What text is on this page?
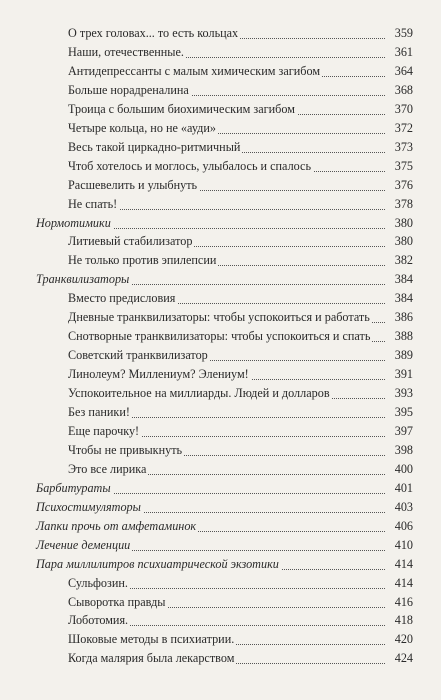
О трех головах... то есть кольцах	359
Наши, отечественные.	361
Антидепрессанты с малым химическим загибом	364
Больше норадреналина	368
Троица с большим биохимическим загибом	370
Четыре кольца, но не «ауди»	372
Весь такой циркадно-ритмичный	373
Чтоб хотелось и моглось, улыбалось и спалось	375
Расшевелить и улыбнуть	376
Не спать!	378
Нормотимики	380
Литиевый стабилизатор	380
Не только против эпилепсии	382
Транквилизаторы	384
Вместо предисловия	384
Дневные транквилизаторы: чтобы успокоиться и работать	386
Снотворные транквилизаторы: чтобы успокоиться и спать	388
Советский транквилизатор	389
Линолеум? Миллениум? Элениум!	391
Успокоительное на миллиарды. Людей и долларов	393
Без паники!	395
Еще парочку!	397
Чтобы не привыкнуть	398
Это все лирика	400
Барбитураты	401
Психостимуляторы	403
Лапки прочь от амфетаминок	406
Лечение деменции	410
Пара миллилитров психиатрической экзотики	414
Сульфозин.	414
Сыворотка правды	416
Лоботомия.	418
Шоковые методы в психиатрии.	420
Когда малярия была лекарством	424
